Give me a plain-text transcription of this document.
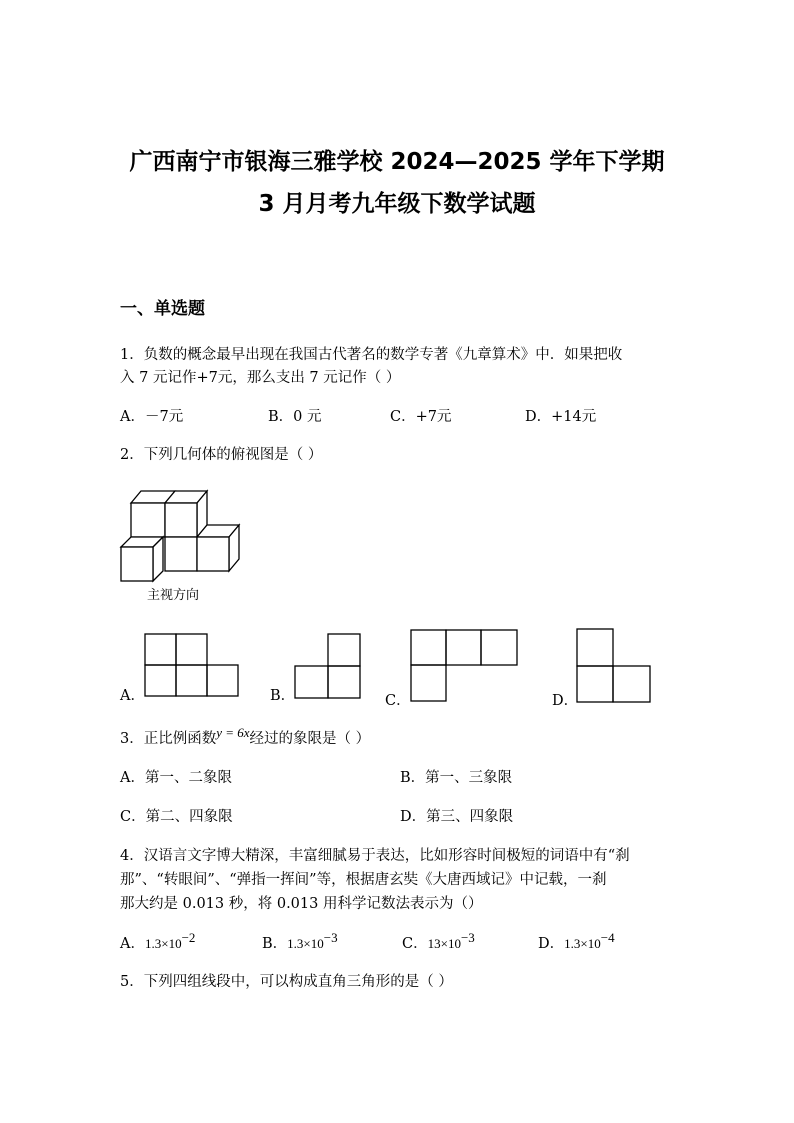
广西南宁市银海三雅学校 2024—2025 学年下学期
3 月月考九年级下数学试题
一、单选题
1．负数的概念最早出现在我国古代著名的数学专著《九章算术》中．如果把收
入 7 元记作+7元，那么支出 7 元记作（ ）
A．－7元	B．0 元	C．+7元	D．+14元
2．下列几何体的俯视图是（ ）
主视方向
A．	B．	C．	D．
3．正比例函数y = 6x经过的象限是（ ）
A．第一、二象限	B．第一、三象限
C．第二、四象限	D．第三、四象限
4．汉语言文字博大精深，丰富细腻易于表达，比如形容时间极短的词语中有“刹
那”、“转眼间”、“弹指一挥间”等，根据唐玄奘《大唐西域记》中记载，一刹
那大约是 0.013 秒，将 0.013 用科学记数法表示为（）
A．$1.3\times 10^{-2}$	B．$1.3\times 10^{-3}$	C．$13\times 10^{-3}$	D．$1.3\times 10^{-4}$
5．下列四组线段中，可以构成直角三角形的是（ ）
